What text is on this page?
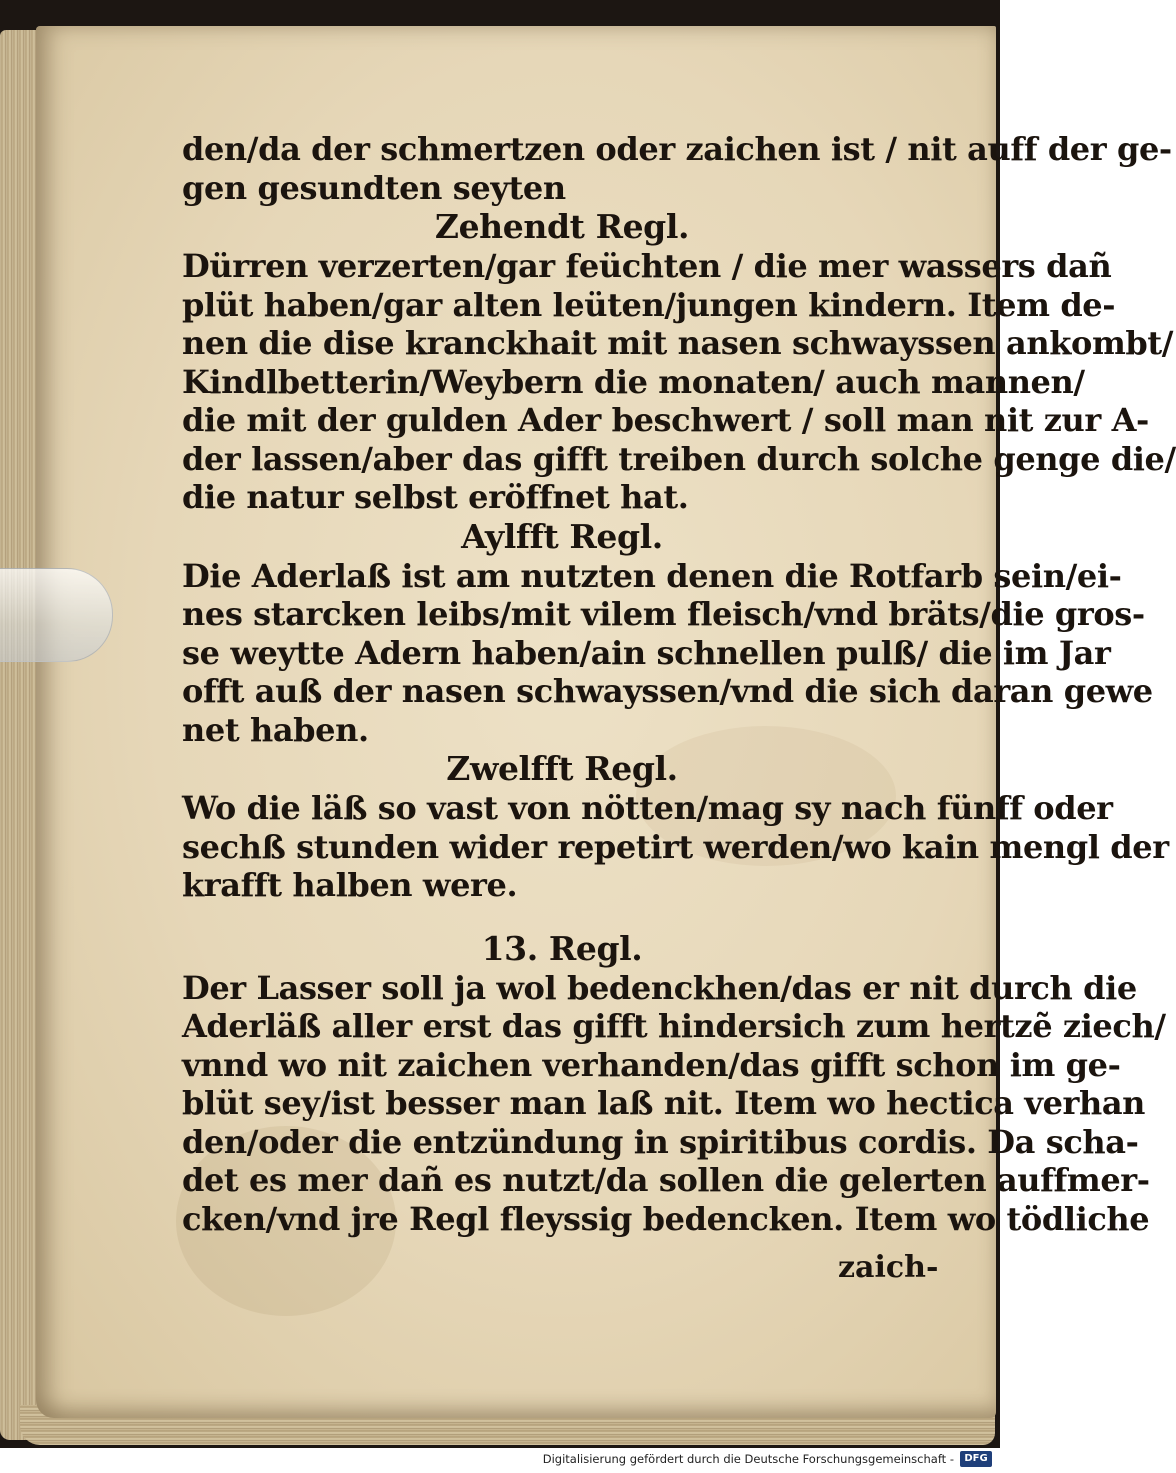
den/da der schmertzen oder zaichen ist / nit auff der ge-
gen gesundten seyten
Zehendt Regl.
Dürren verzerten/gar feüchten / die mer wassers dañ
plüt haben/gar alten leüten/jungen kindern. Item de-
nen die dise kranckhait mit nasen schwayssen ankombt/
Kindlbetterin/Weybern die monaten/ auch mannen/
die mit der gulden Ader beschwert / soll man nit zur A-
der lassen/aber das gifft treiben durch solche genge die/
die natur selbst eröffnet hat.
Aylfft Regl.
Die Aderlaß ist am nutzten denen die Rotfarb sein/ei-
nes starcken leibs/mit vilem fleisch/vnd bräts/die gros-
se weytte Adern haben/ain schnellen pulß/ die im Jar
offt auß der nasen schwayssen/vnd die sich daran gewe
net haben.
Zwelfft Regl.
Wo die läß so vast von nötten/mag sy nach fünff oder
sechß stunden wider repetirt werden/wo kain mengl der
krafft halben were.
13. Regl.
Der Lasser soll ja wol bedenckhen/das er nit durch die
Aderläß aller erst das gifft hindersich zum hertzẽ ziech/
vnnd wo nit zaichen verhanden/das gifft schon im ge-
blüt sey/ist besser man laß nit. Item wo hectica verhan
den/oder die entzündung in spiritibus cordis. Da scha-
det es mer dañ es nutzt/da sollen die gelerten auffmer-
cken/vnd jre Regl fleyssig bedencken. Item wo tödliche
zaich-
Digitalisierung gefördert durch die Deutsche Forschungsgemeinschaft -	DFG
